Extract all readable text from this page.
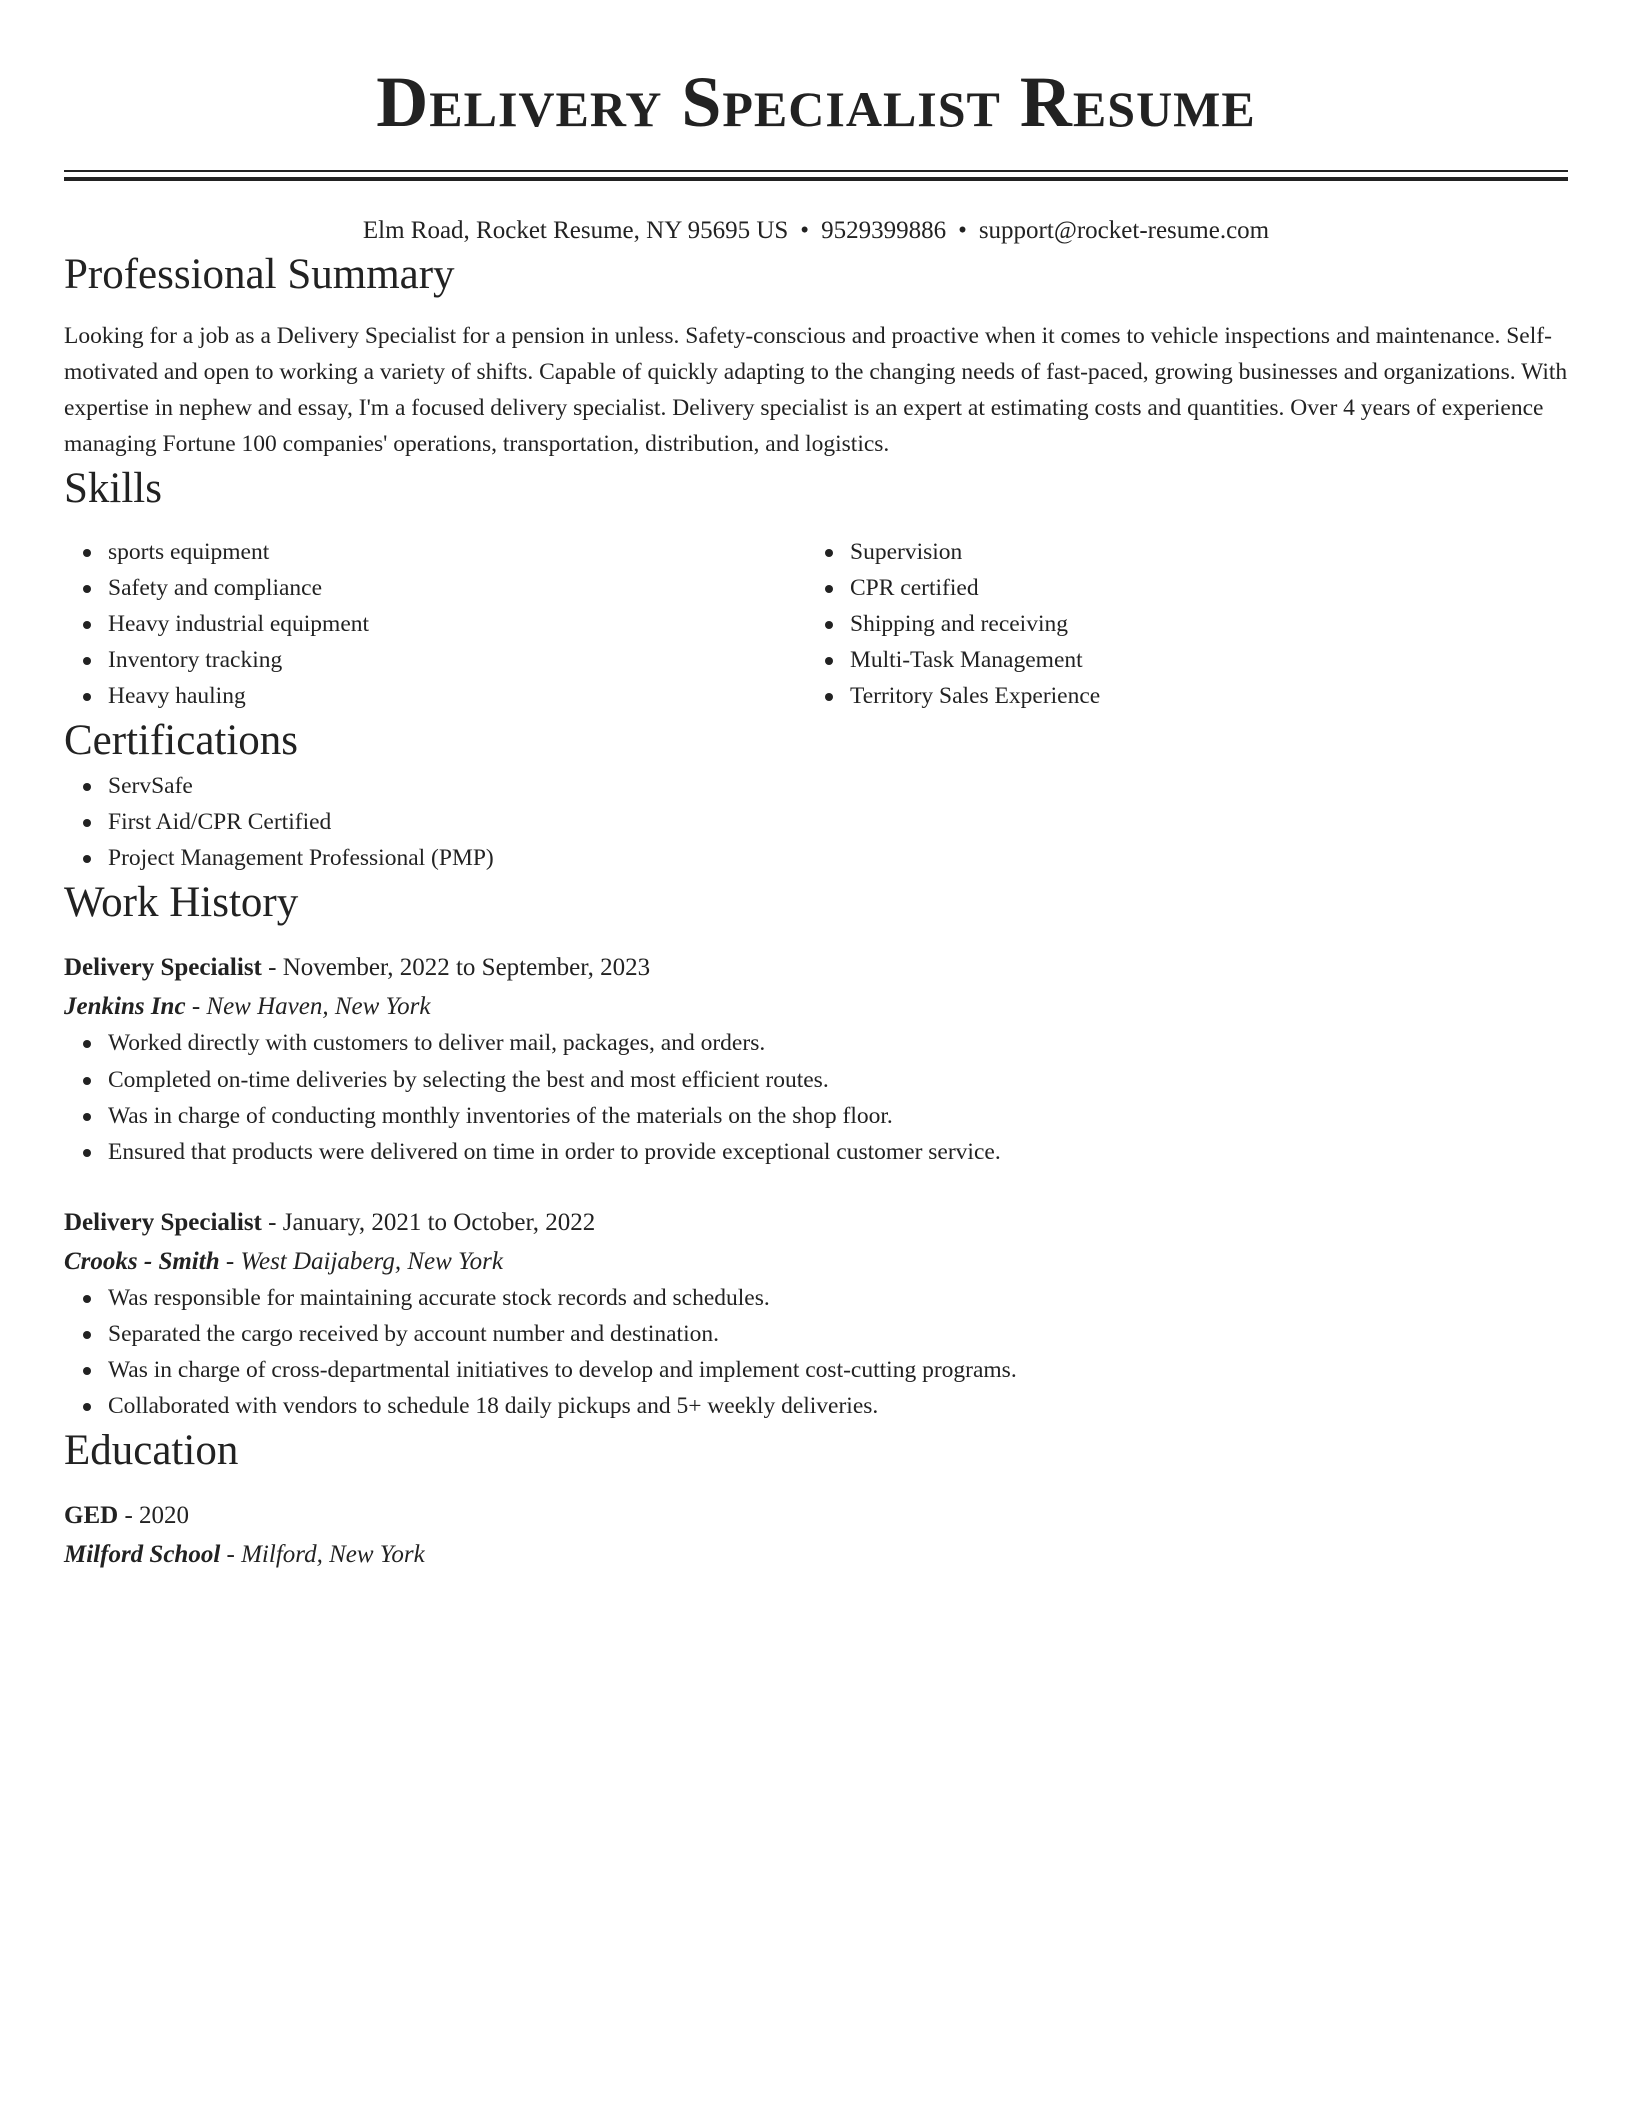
Delivery Specialist Resume
Elm Road, Rocket Resume, NY 95695 US • 9529399886 • support@rocket-resume.com
Professional Summary
Looking for a job as a Delivery Specialist for a pension in unless. Safety-conscious and proactive when it comes to vehicle inspections and maintenance. Self-motivated and open to working a variety of shifts. Capable of quickly adapting to the changing needs of fast-paced, growing businesses and organizations. With expertise in nephew and essay, I'm a focused delivery specialist. Delivery specialist is an expert at estimating costs and quantities. Over 4 years of experience managing Fortune 100 companies' operations, transportation, distribution, and logistics.
Skills
sports equipment
Safety and compliance
Heavy industrial equipment
Inventory tracking
Heavy hauling
Supervision
CPR certified
Shipping and receiving
Multi-Task Management
Territory Sales Experience
Certifications
ServSafe
First Aid/CPR Certified
Project Management Professional (PMP)
Work History
Delivery Specialist - November, 2022 to September, 2023
Jenkins Inc - New Haven, New York
Worked directly with customers to deliver mail, packages, and orders.
Completed on-time deliveries by selecting the best and most efficient routes.
Was in charge of conducting monthly inventories of the materials on the shop floor.
Ensured that products were delivered on time in order to provide exceptional customer service.
Delivery Specialist - January, 2021 to October, 2022
Crooks - Smith - West Daijaberg, New York
Was responsible for maintaining accurate stock records and schedules.
Separated the cargo received by account number and destination.
Was in charge of cross-departmental initiatives to develop and implement cost-cutting programs.
Collaborated with vendors to schedule 18 daily pickups and 5+ weekly deliveries.
Education
GED - 2020
Milford School - Milford, New York
